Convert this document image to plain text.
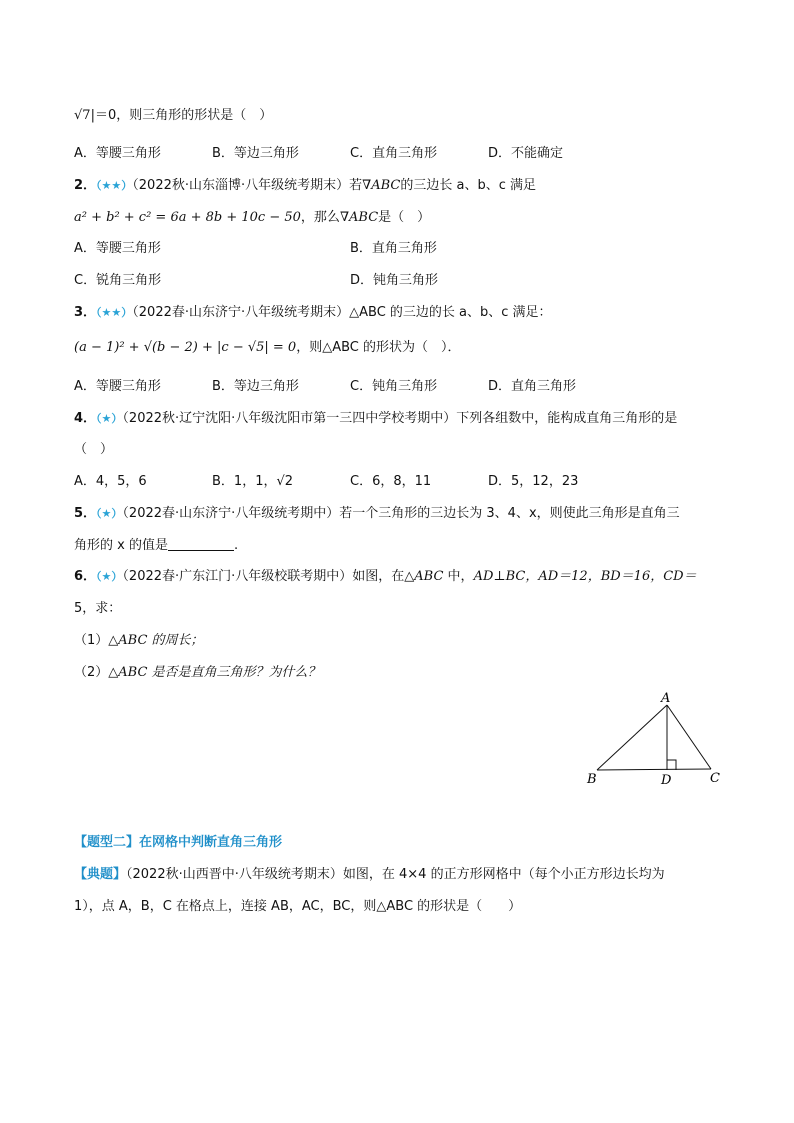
√7|＝0，则三角形的形状是（　）
A．等腰三角形	B．等边三角形	C．直角三角形	D．不能确定
2．（★★）（2022秋·山东淄博·八年级统考期末）若∇ABC的三边长 a、b、c 满足
a² + b² + c² = 6a + 8b + 10c − 50，那么∇ABC是（　）
A．等腰三角形	B．直角三角形
C．锐角三角形	D．钝角三角形
3．（★★）（2022春·山东济宁·八年级统考期末）△ABC 的三边的长 a、b、c 满足：
(a − 1)² + √(b − 2) + |c − √5| = 0，则△ABC 的形状为（　）．
A．等腰三角形	B．等边三角形	C．钝角三角形	D．直角三角形
4．（★）（2022秋·辽宁沈阳·八年级沈阳市第一三四中学校考期中）下列各组数中，能构成直角三角形的是
（　）
A．4，5，6	B．1，1，√2	C．6，8，11	D．5，12，23
5．（★）（2022春·山东济宁·八年级统考期中）若一个三角形的三边长为 3、4、x，则使此三角形是直角三
角形的 x 的值是	.
6．（★）（2022春·广东江门·八年级校联考期中）如图，在△ABC 中，AD⊥BC，AD＝12，BD＝16，CD＝
5，求：
（1）△ABC 的周长；
（2）△ABC 是否是直角三角形？为什么？
A
B	D	C
【题型二】在网格中判断直角三角形
【典题】（2022秋·山西晋中·八年级统考期末）如图，在 4×4 的正方形网格中（每个小正方形边长均为
1），点 A，B，C 在格点上，连接 AB，AC，BC，则△ABC 的形状是（　　）
